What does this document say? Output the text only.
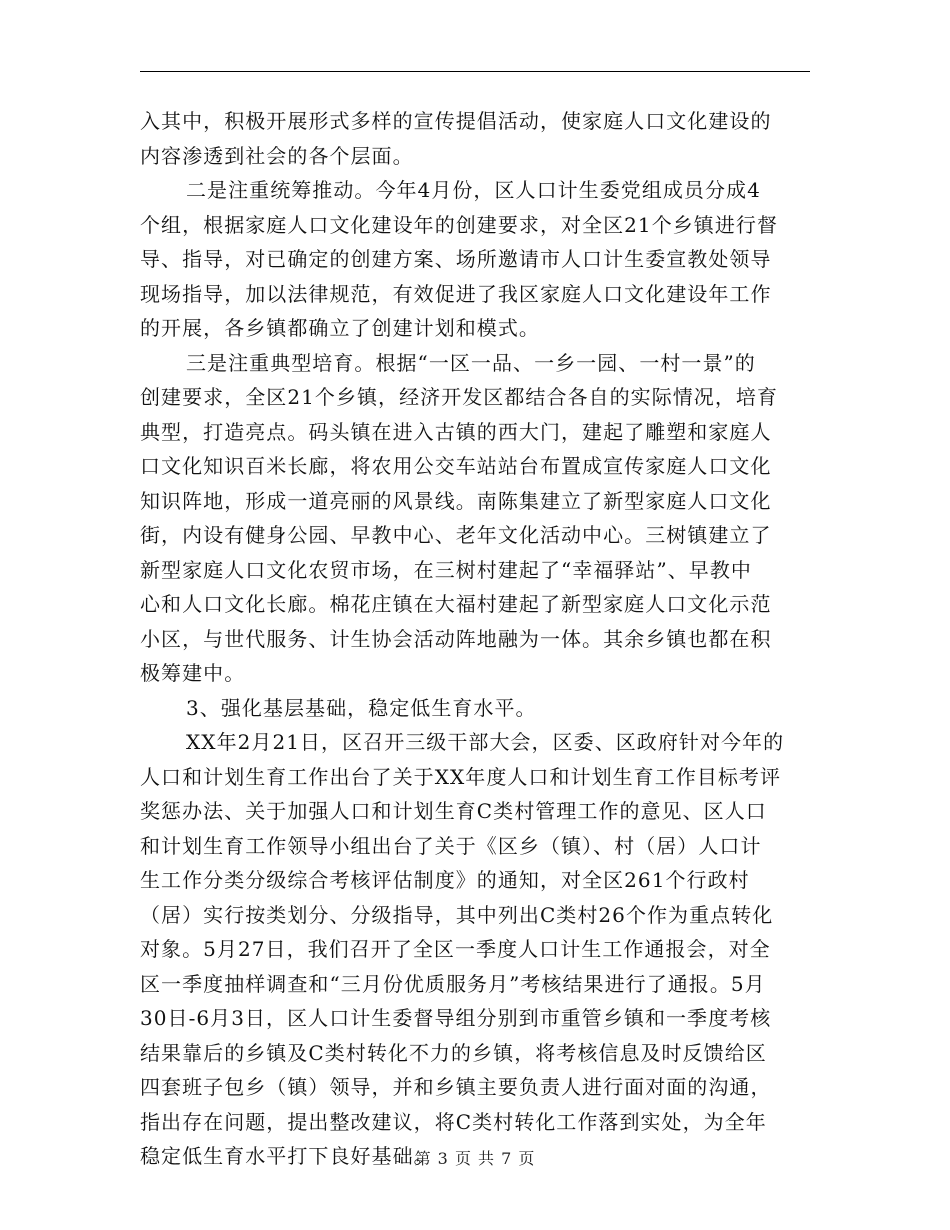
入其中，积极开展形式多样的宣传提倡活动，使家庭人口文化建设的
内容渗透到社会的各个层面。
二是注重统筹推动。今年4月份，区人口计生委党组成员分成4
个组，根据家庭人口文化建设年的创建要求，对全区21个乡镇进行督
导、指导，对已确定的创建方案、场所邀请市人口计生委宣教处领导
现场指导，加以法律规范，有效促进了我区家庭人口文化建设年工作
的开展，各乡镇都确立了创建计划和模式。
三是注重典型培育。根据“一区一品、一乡一园、一村一景”的
创建要求，全区21个乡镇，经济开发区都结合各自的实际情况，培育
典型，打造亮点。码头镇在进入古镇的西大门，建起了雕塑和家庭人
口文化知识百米长廊，将农用公交车站站台布置成宣传家庭人口文化
知识阵地，形成一道亮丽的风景线。南陈集建立了新型家庭人口文化
街，内设有健身公园、早教中心、老年文化活动中心。三树镇建立了
新型家庭人口文化农贸市场，在三树村建起了“幸福驿站”、早教中
心和人口文化长廊。棉花庄镇在大福村建起了新型家庭人口文化示范
小区，与世代服务、计生协会活动阵地融为一体。其余乡镇也都在积
极筹建中。
3、强化基层基础，稳定低生育水平。
XX年2月21日，区召开三级干部大会，区委、区政府针对今年的
人口和计划生育工作出台了关于XX年度人口和计划生育工作目标考评
奖惩办法、关于加强人口和计划生育C类村管理工作的意见、区人口
和计划生育工作领导小组出台了关于《区乡（镇）、村（居）人口计
生工作分类分级综合考核评估制度》的通知，对全区261个行政村
（居）实行按类划分、分级指导，其中列出C类村26个作为重点转化
对象。5月27日，我们召开了全区一季度人口计生工作通报会，对全
区一季度抽样调查和“三月份优质服务月”考核结果进行了通报。5月
30日-6月3日，区人口计生委督导组分别到市重管乡镇和一季度考核
结果靠后的乡镇及C类村转化不力的乡镇，将考核信息及时反馈给区
四套班子包乡（镇）领导，并和乡镇主要负责人进行面对面的沟通，
指出存在问题，提出整改建议，将C类村转化工作落到实处，为全年
稳定低生育水平打下良好基础。
第 3 页 共 7 页
